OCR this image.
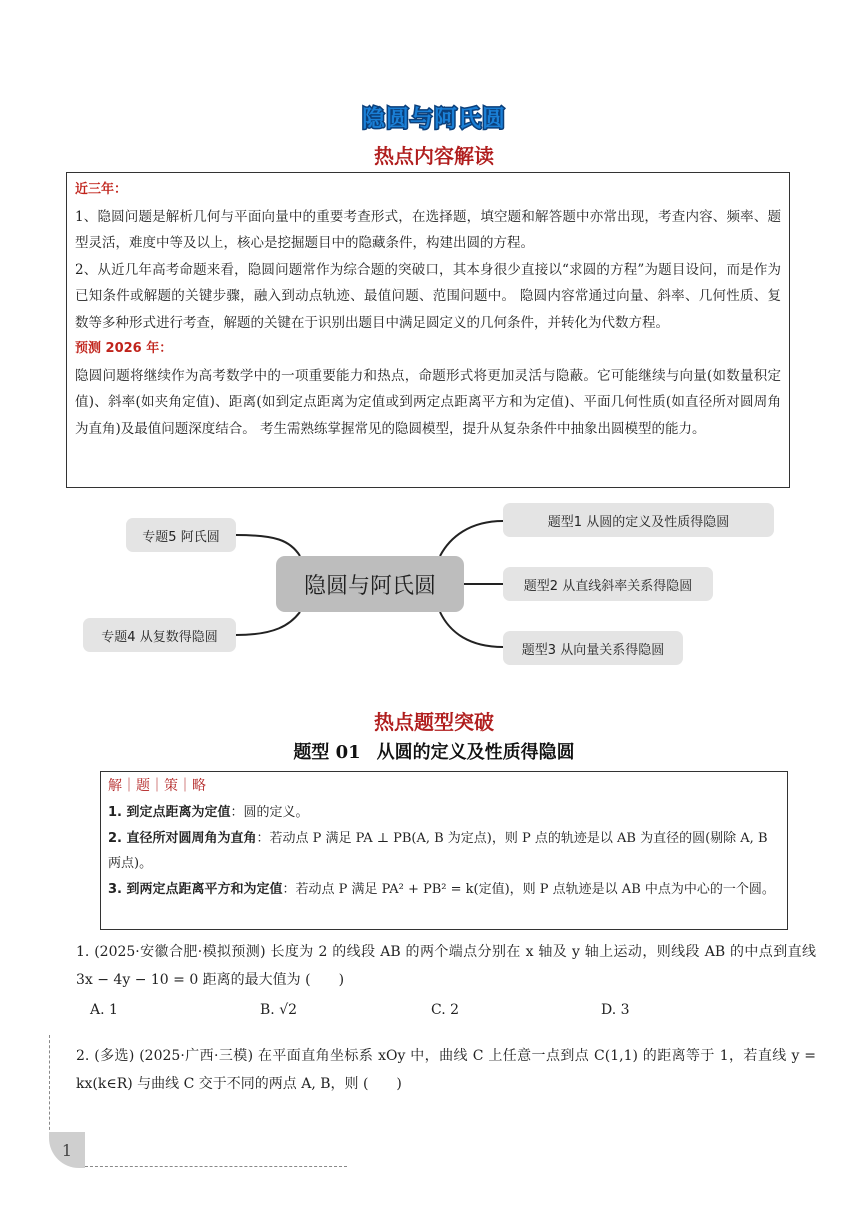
隐圆与阿氏圆
热点内容解读
近三年：

1、隐圆问题是解析几何与平面向量中的重要考查形式，在选择题，填空题和解答题中亦常出现，考查内容、频率、题型灵活，难度中等及以上，核心是挖掘题目中的隐藏条件，构建出圆的方程。

2、从近几年高考命题来看，隐圆问题常作为综合题的突破口，其本身很少直接以“求圆的方程”为题目设问，而是作为已知条件或解题的关键步骤，融入到动点轨迹、最值问题、范围问题中。 隐圆内容常通过向量、斜率、几何性质、复数等多种形式进行考查，解题的关键在于识别出题目中满足圆定义的几何条件，并转化为代数方程。

预测 2026 年：

隐圆问题将继续作为高考数学中的一项重要能力和热点，命题形式将更加灵活与隐蔽。它可能继续与向量(如数量积定值)、斜率(如夹角定值)、距离(如到定点距离为定值或到两定点距离平方和为定值)、平面几何性质(如直径所对圆周角为直角)及最值问题深度结合。 考生需熟练掌握常见的隐圆模型，提升从复杂条件中抽象出圆模型的能力。

专题5 阿氏圆
专题4 从复数得隐圆
隐圆与阿氏圆
题型1 从圆的定义及性质得隐圆
题型2 从直线斜率关系得隐圆
题型3 从向量关系得隐圆
热点题型突破
题型 01 从圆的定义及性质得隐圆
解｜题｜策｜略
1. 到定点距离为定值：圆的定义。
2. 直径所对圆周角为直角：若动点 P 满足 PA ⊥ PB(A, B 为定点)，则 P 点的轨迹是以 AB 为直径的圆(剔除 A, B 两点)。
3. 到两定点距离平方和为定值：若动点 P 满足 PA² + PB² = k(定值)，则 P 点轨迹是以 AB 中点为中心的一个圆。
1. (2025·安徽合肥·模拟预测) 长度为 2 的线段 AB 的两个端点分别在 x 轴及 y 轴上运动，则线段 AB 的中点到直线 3x − 4y − 10 = 0 距离的最大值为 (　　)
A. 1	B. √2	C. 2	D. 3
2. (多选) (2025·广西·三模) 在平面直角坐标系 xOy 中，曲线 C 上任意一点到点 C(1,1) 的距离等于 1，若直线 y = kx(k∈R) 与曲线 C 交于不同的两点 A, B，则 (　　)
1
